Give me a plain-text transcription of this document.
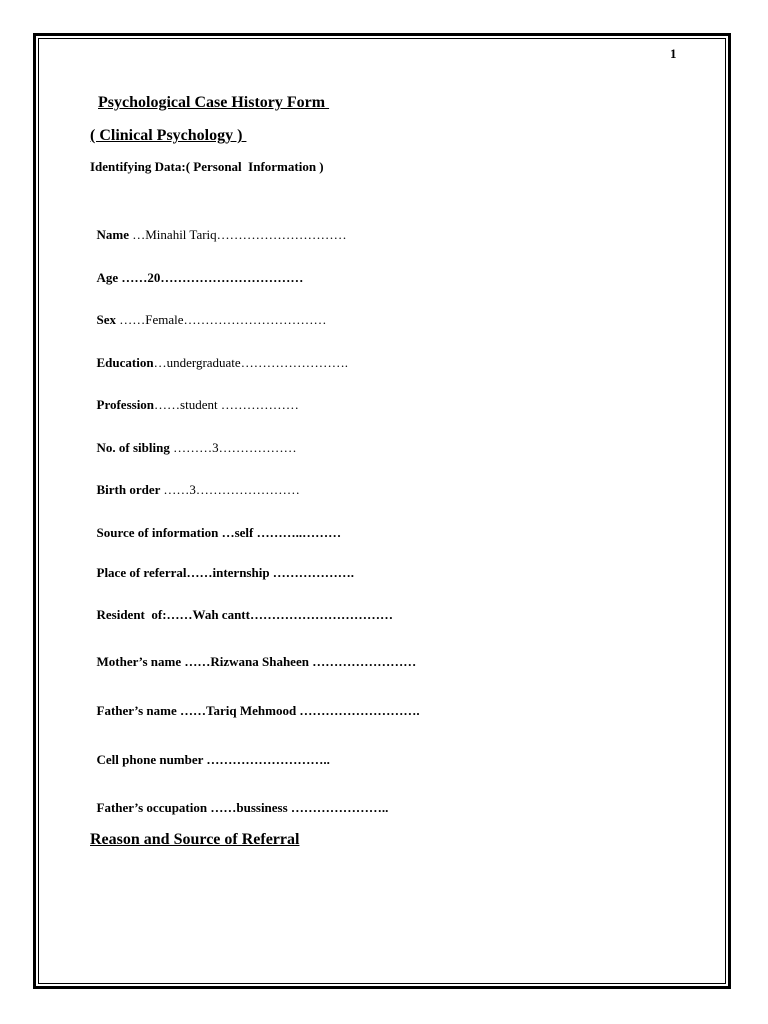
1
Psychological Case History Form
( Clinical Psychology )
Identifying Data:( Personal  Information )

Name …Minahil Tariq…………………………

Age ……20……………………………

Sex ……Female……………………………

Education…undergraduate…………………….

Profession……student ………………

No. of sibling ………3………………

Birth order ……3……………………

Source of information …self ………..………

Place of referral……internship ……………….

Resident  of:……Wah cantt……………………………

Mother’s name ……Rizwana Shaheen ……………………

Father’s name ……Tariq Mehmood ……………………….

Cell phone number ………………………..

Father’s occupation ……bussiness …………………..

Reason and Source of Referral
